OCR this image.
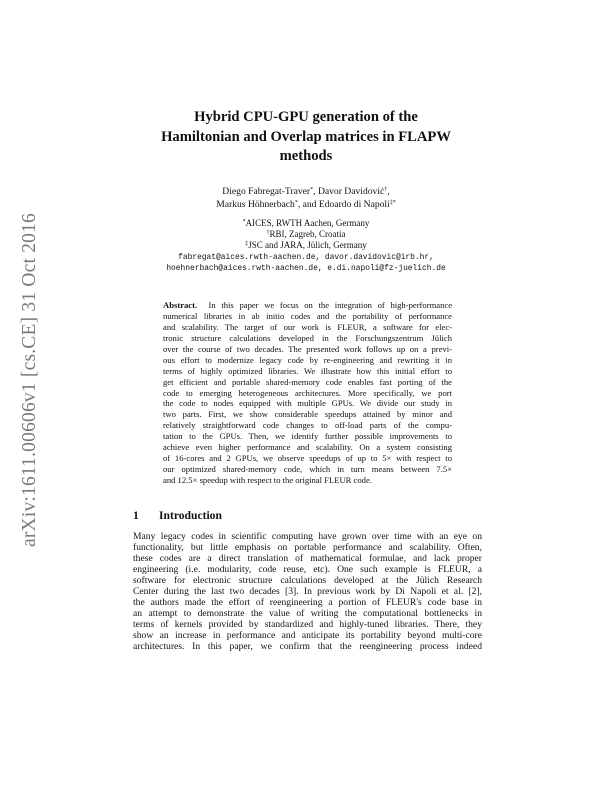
arXiv:1611.00606v1 [cs.CE] 31 Oct 2016
Hybrid CPU-GPU generation of the
Hamiltonian and Overlap matrices in FLAPW
methods
Diego Fabregat-Traver*, Davor Davidović†,
Markus Höhnerbach*, and Edoardo di Napoli‡*
*AICES, RWTH Aachen, Germany
†RBI, Zagreb, Croatia
‡JSC and JARA, Jülich, Germany
fabregat@aices.rwth-aachen.de, davor.davidovic@irb.hr,
hoehnerbach@aices.rwth-aachen.de, e.di.napoli@fz-juelich.de
Abstract. In this paper we focus on the integration of high-performance
numerical libraries in ab initio codes and the portability of performance
and scalability. The target of our work is FLEUR, a software for elec-
tronic structure calculations developed in the Forschungszentrum Jülich
over the course of two decades. The presented work follows up on a previ-
ous effort to modernize legacy code by re-engineering and rewriting it in
terms of highly optimized libraries. We illustrate how this initial effort to
get efficient and portable shared-memory code enables fast porting of the
code to emerging heterogeneous architectures. More specifically, we port
the code to nodes equipped with multiple GPUs. We divide our study in
two parts. First, we show considerable speedups attained by minor and
relatively straightforward code changes to off-load parts of the compu-
tation to the GPUs. Then, we identify further possible improvements to
achieve even higher performance and scalability. On a system consisting
of 16-cores and 2 GPUs, we observe speedups of up to 5× with respect to
our optimized shared-memory code, which in turn means between 7.5×
and 12.5× speedup with respect to the original FLEUR code.
1 Introduction
Many legacy codes in scientific computing have grown over time with an eye on
functionality, but little emphasis on portable performance and scalability. Often,
these codes are a direct translation of mathematical formulae, and lack proper
engineering (i.e. modularity, code reuse, etc). One such example is FLEUR, a
software for electronic structure calculations developed at the Jülich Research
Center during the last two decades [3]. In previous work by Di Napoli et al. [2],
the authors made the effort of reengineering a portion of FLEUR's code base in
an attempt to demonstrate the value of writing the computational bottlenecks in
terms of kernels provided by standardized and highly-tuned libraries. There, they
show an increase in performance and anticipate its portability beyond multi-core
architectures. In this paper, we confirm that the reengineering process indeed
